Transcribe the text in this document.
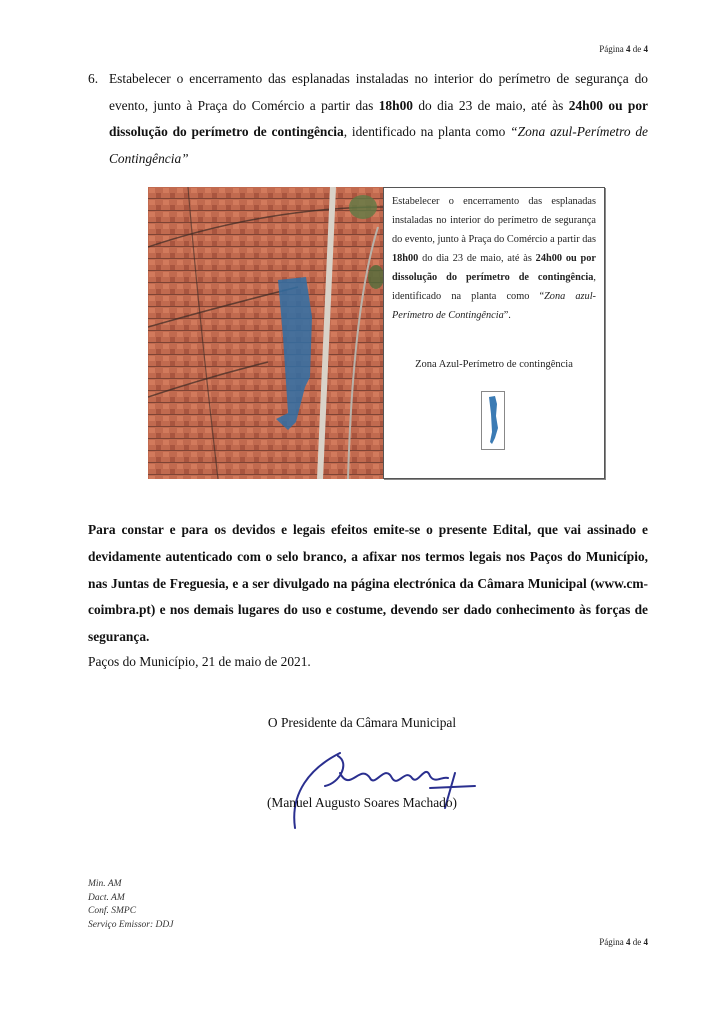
Página 4 de 4
6. Estabelecer o encerramento das esplanadas instaladas no interior do perímetro de segurança do evento, junto à Praça do Comércio a partir das 18h00 do dia 23 de maio, até às 24h00 ou por dissolução do perímetro de contingência, identificado na planta como “Zona azul-Perímetro de Contingência”
Estabelecer o encerramento das esplanadas instaladas no interior do perímetro de segurança do evento, junto à Praça do Comércio a partir das 18h00 do dia 23 de maio, até às 24h00 ou por dissolução do perímetro de contingência, identificado na planta como “Zona azul-Perímetro de Contingência”.
Zona Azul-Perímetro de contingência
Para constar e para os devidos e legais efeitos emite-se o presente Edital, que vai assinado e devidamente autenticado com o selo branco, a afixar nos termos legais nos Paços do Município, nas Juntas de Freguesia, e a ser divulgado na página electrónica da Câmara Municipal (www.cm-coimbra.pt) e nos demais lugares do uso e costume, devendo ser dado conhecimento às forças de segurança.
Paços do Município, 21 de maio de 2021.
O Presidente da Câmara Municipal
(Manuel Augusto Soares Machado)
Min. AM
Dact. AM
Conf. SMPC
Serviço Emissor: DDJ
Página 4 de 4
